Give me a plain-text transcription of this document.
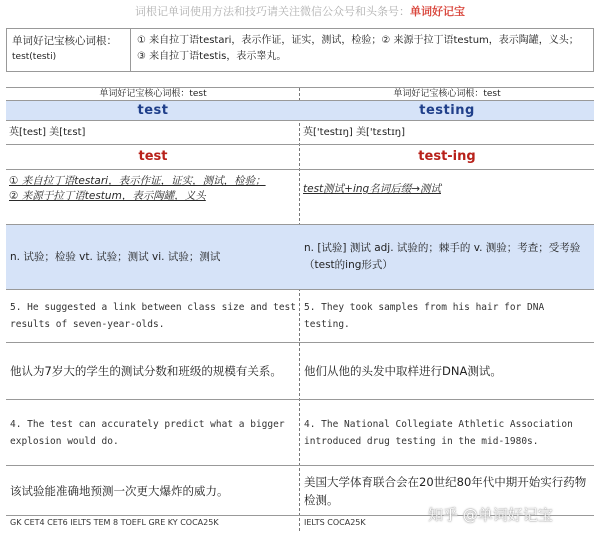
词根记单词使用方法和技巧请关注微信公众号和头条号：单词好记宝
单词好记宝核心词根：
test(testi)
① 来自拉丁语testari，表示作证，证实，测试，检验；② 来源于拉丁语testum，表示陶罐，义头；③ 来自拉丁语testis，表示睾丸。
单词好记宝核心词根：test
test
英[test] 美[tɛst]
test
① 来自拉丁语testari，表示作证，证实，测试，检验；
② 来源于拉丁语testum，表示陶罐，义头
n. 试验；检验 vt. 试验；测试 vi. 试验；测试
5. He suggested a link between class size and test results of seven-year-olds.
他认为7岁大的学生的测试分数和班级的规模有关系。
4. The test can accurately predict what a bigger explosion would do.
该试验能准确地预测一次更大爆炸的威力。
GK CET4 CET6 IELTS TEM 8 TOEFL GRE KY COCA25K
单词好记宝核心词根：test
testing
英['testɪŋ] 美['tɛstɪŋ]
test-ing
test测试+ing名词后缀→测试
n. [试验] 测试 adj. 试验的；棘手的 v. 测验；考查；受考验（test的ing形式）
5. They took samples from his hair for DNA testing.
他们从他的头发中取样进行DNA测试。
4. The National Collegiate Athletic Association introduced drug testing in the mid-1980s.
美国大学体育联合会在20世纪80年代中期开始实行药物检测。
IELTS COCA25K	知乎 @单词好记宝
